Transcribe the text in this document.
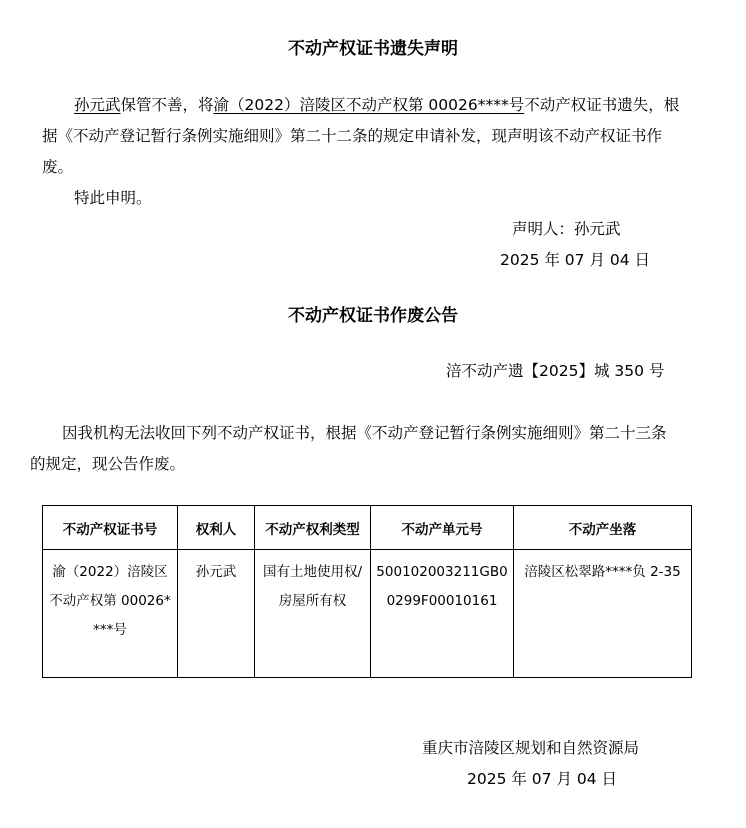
不动产权证书遗失声明
孙元武保管不善，将渝（2022）涪陵区不动产权第 00026****号不动产权证书遗失，根
据《不动产登记暂行条例实施细则》第二十二条的规定申请补发，现声明该不动产权证书作
废。
特此申明。
声明人：孙元武
2025 年 07 月 04 日
不动产权证书作废公告
涪不动产遗【2025】城 350 号
因我机构无法收回下列不动产权证书，根据《不动产登记暂行条例实施细则》第二十三条
的规定，现公告作废。
不动产权证书号	权利人	不动产权利类型	不动产单元号	不动产坐落
渝（2022）涪陵区不动产权第 00026****号	孙元武	国有土地使用权/房屋所有权	500102003211GB00299F00010161	涪陵区松翠路****负 2-35
重庆市涪陵区规划和自然资源局
2025 年 07 月 04 日
